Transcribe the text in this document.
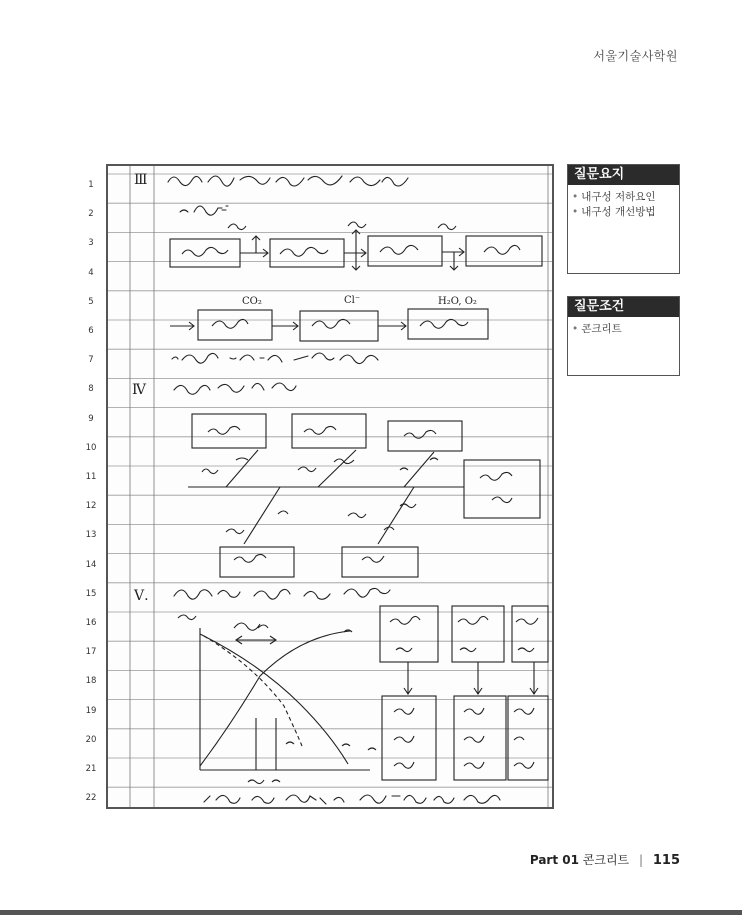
서울기술사학원
1
2
3
4
5
6
7
8
9
10
11
12
13
14
15
16
17
18
19
20
21
22
Ⅲ
Ⅳ
Ⅴ.
CO₂	Cl⁻	H₂O, O₂
질문요지
• 내구성 저하요인
• 내구성 개선방법
질문조건
• 콘크리트
Part 01 콘크리트 | 115
